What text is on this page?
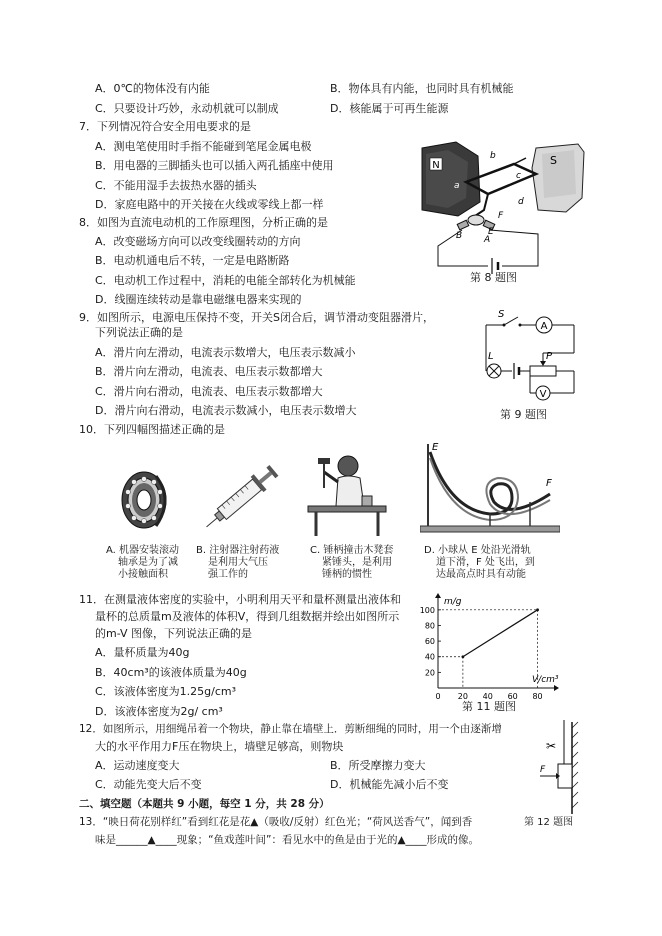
A．0℃的物体没有内能	B．物体具有内能，也同时具有机械能
C．只要设计巧妙，永动机就可以制成	D．核能属于可再生能源
7．下列情况符合安全用电要求的是
A．测电笔使用时手指不能碰到笔尾金属电极
B．用电器的三脚插头也可以插入两孔插座中使用
C．不能用湿手去拔热水器的插头
D．家庭电路中的开关接在火线或零线上都一样
8．如图为直流电动机的工作原理图，分析正确的是
A．改变磁场方向可以改变线圈转动的方向
B．电动机通电后不转，一定是电路断路
C．电动机工作过程中，消耗的电能全部转化为机械能
D．线圈连续转动是靠电磁继电器来实现的
N	S
a
b
c
d
F
E
B A
第 8 题图
9．如图所示，电源电压保持不变，开关S闭合后，调节滑动变阻器滑片，
下列说法正确的是
A．滑片向左滑动，电流表示数增大，电压表示数减小
B．滑片向左滑动，电流表、电压表示数都增大
C．滑片向右滑动，电流表、电压表示数都增大
D．滑片向右滑动，电流表示数减小，电压表示数增大
S
A
L	P
V
第 9 题图
10．下列四幅图描述正确的是
E
F
A. 机器安装滚动
轴承是为了减
小接触面积
B. 注射器注射药液
是利用大气压
强工作的
C. 锤柄撞击木凳套
紧锤头，是利用
锤柄的惯性
D. 小球从 E 处沿光滑轨
道下滑，F 处飞出，到
达最高点时具有动能
11．在测量液体密度的实验中，小明利用天平和量杯测量出液体和
量杯的总质量m及液体的体积V，得到几组数据并绘出如图所示
的m-V 图像，下列说法正确的是
A．量杯质量为40g
B．40cm³的该液体质量为40g
C．该液体密度为1.25g/cm³
D．该液体密度为2g/ cm³
m/g
V/cm³
20
40
60
80
100
0 20 40 60 80
第 11 题图
12．如图所示，用细绳吊着一个物块，静止靠在墙壁上．剪断细绳的同时，用一个由逐渐增
大的水平作用力F压在物块上，墙壁足够高，则物块
A．运动速度变大	B．所受摩擦力变大
C．动能先变大后不变	D．机械能先减小后不变
✂
F
第 12 题图
二、填空题（本题共 9 小题，每空 1 分，共 28 分）
13．“映日荷花别样红”看到红花是花▲（吸收/反射）红色光；“荷风送香气”，闻到香
味是______▲____现象；“鱼戏莲叶间”：看见水中的鱼是由于光的▲____形成的像。
